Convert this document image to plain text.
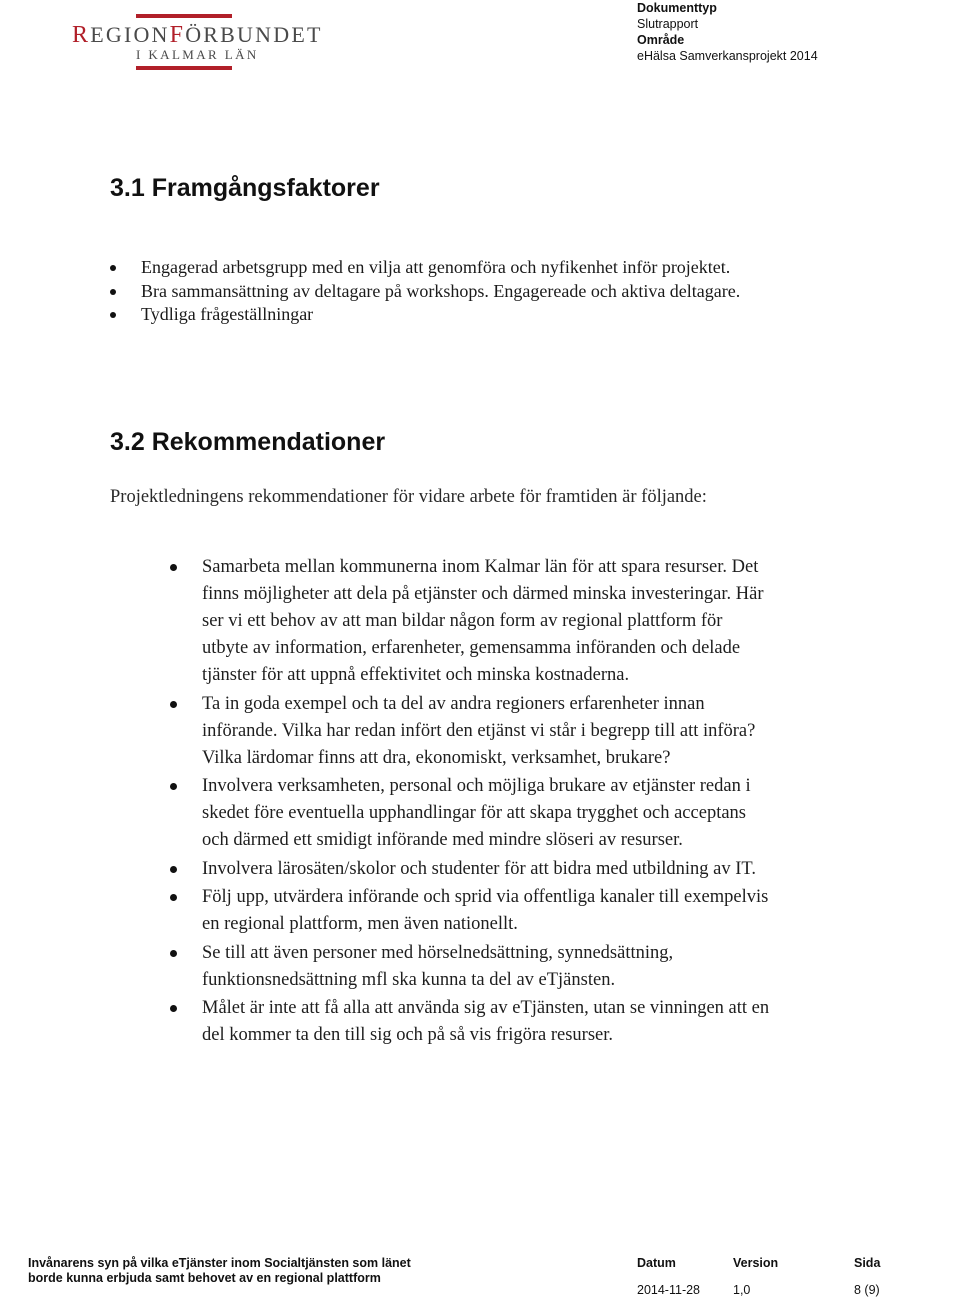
REGIONFÖRBUNDET
I KALMAR LÄN
Dokumenttyp
Slutrapport
Område
eHälsa Samverkansprojekt 2014
3.1 Framgångsfaktorer
Engagerad arbetsgrupp med en vilja att genomföra och nyfikenhet inför projektet.
Bra sammansättning av deltagare på workshops. Engagereade och aktiva deltagare.
Tydliga frågeställningar
3.2 Rekommendationer
Projektledningens rekommendationer för vidare arbete för framtiden är följande:
Samarbeta mellan kommunerna inom Kalmar län för att spara resurser. Det finns möjligheter att dela på etjänster och därmed minska investeringar. Här ser vi ett behov av att man bildar någon form av regional plattform för utbyte av information, erfarenheter, gemensamma införanden och delade tjänster för att uppnå effektivitet och minska kostnaderna.
Ta in goda exempel och ta del av andra regioners erfarenheter innan införande. Vilka har redan infört den etjänst vi står i begrepp till att införa? Vilka lärdomar finns att dra, ekonomiskt, verksamhet, brukare?
Involvera verksamheten, personal och möjliga brukare av etjänster redan i skedet före eventuella upphandlingar för att skapa trygghet och acceptans och därmed ett smidigt införande med mindre slöseri av resurser.
Involvera lärosäten/skolor och studenter för att bidra med utbildning av IT.
Följ upp, utvärdera införande och sprid via offentliga kanaler till exempelvis en regional plattform, men även nationellt.
Se till att även personer med hörselnedsättning, synnedsättning, funktionsnedsättning mfl ska kunna ta del av eTjänsten.
Målet är inte att få alla att använda sig av eTjänsten, utan se vinningen att en del kommer ta den till sig och på så vis frigöra resurser.
Invånarens syn på vilka eTjänster inom Socialtjänsten som länet
borde kunna erbjuda samt behovet av en regional plattform
Datum	Version	Sida
2014-11-28	1,0	8 (9)
